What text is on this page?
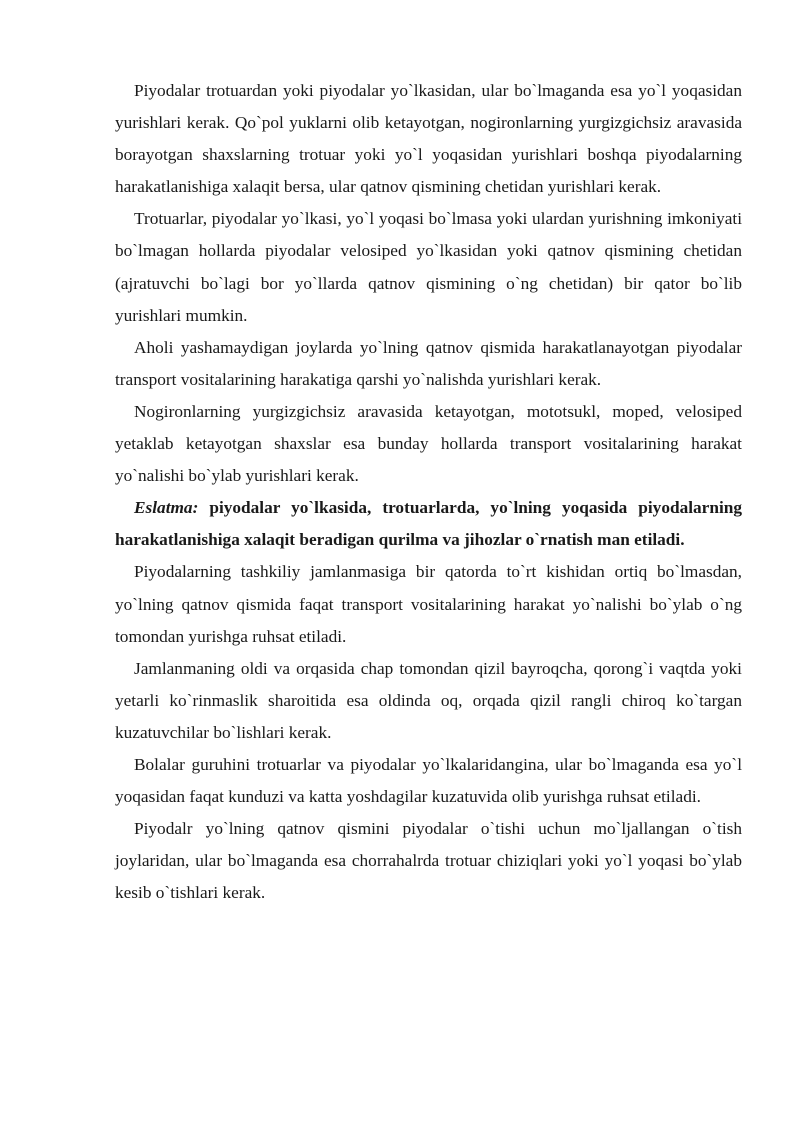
Piyodalar trotuardan yoki piyodalar yo`lkasidan, ular bo`lmaganda esa yo`l yoqasidan yurishlari kerak. Qo`pol yuklarni olib ketayotgan, nogironlarning yurgizgichsiz aravasida borayotgan shaxslarning trotuar yoki yo`l yoqasidan yurishlari boshqa piyodalarning harakatlanishiga xalaqit bersa, ular qatnov qismining chetidan yurishlari kerak.

Trotuarlar, piyodalar yo`lkasi, yo`l yoqasi bo`lmasa yoki ulardan yurishning imkoniyati bo`lmagan hollarda piyodalar velosiped yo`lkasidan yoki qatnov qismining chetidan (ajratuvchi bo`lagi bor yo`llarda qatnov qismining o`ng chetidan) bir qator bo`lib yurishlari mumkin.

Aholi yashamaydigan joylarda yo`lning qatnov qismida harakatlanayotgan piyodalar transport vositalarining harakatiga qarshi yo`nalishda yurishlari kerak.

Nogironlarning yurgizgichsiz aravasida ketayotgan, mototsukl, moped, velosiped yetaklab ketayotgan shaxslar esa bunday hollarda transport vositalarining harakat yo`nalishi bo`ylab yurishlari kerak.

Eslatma: piyodalar yo`lkasida, trotuarlarda, yo`lning yoqasida piyodalarning harakatlanishiga xalaqit beradigan qurilma va jihozlar o`rnatish man etiladi.

Piyodalarning tashkiliy jamlanmasiga bir qatorda to`rt kishidan ortiq bo`lmasdan, yo`lning qatnov qismida faqat transport vositalarining harakat yo`nalishi bo`ylab o`ng tomondan yurishga ruhsat etiladi.

Jamlanmaning oldi va orqasida chap tomondan qizil bayroqcha, qorong`i vaqtda yoki yetarli ko`rinmaslik sharoitida esa oldinda oq, orqada qizil rangli chiroq ko`targan kuzatuvchilar bo`lishlari kerak.

Bolalar guruhini trotuarlar va piyodalar yo`lkalaridangina, ular bo`lmaganda esa yo`l yoqasidan faqat kunduzi va katta yoshdagilar kuzatuvida olib yurishga ruhsat etiladi.

Piyodalr yo`lning qatnov qismini piyodalar o`tishi uchun mo`ljallangan o`tish joylaridan, ular bo`lmaganda esa chorrahalrda trotuar chiziqlari yoki yo`l yoqasi bo`ylab kesib o`tishlari kerak.
